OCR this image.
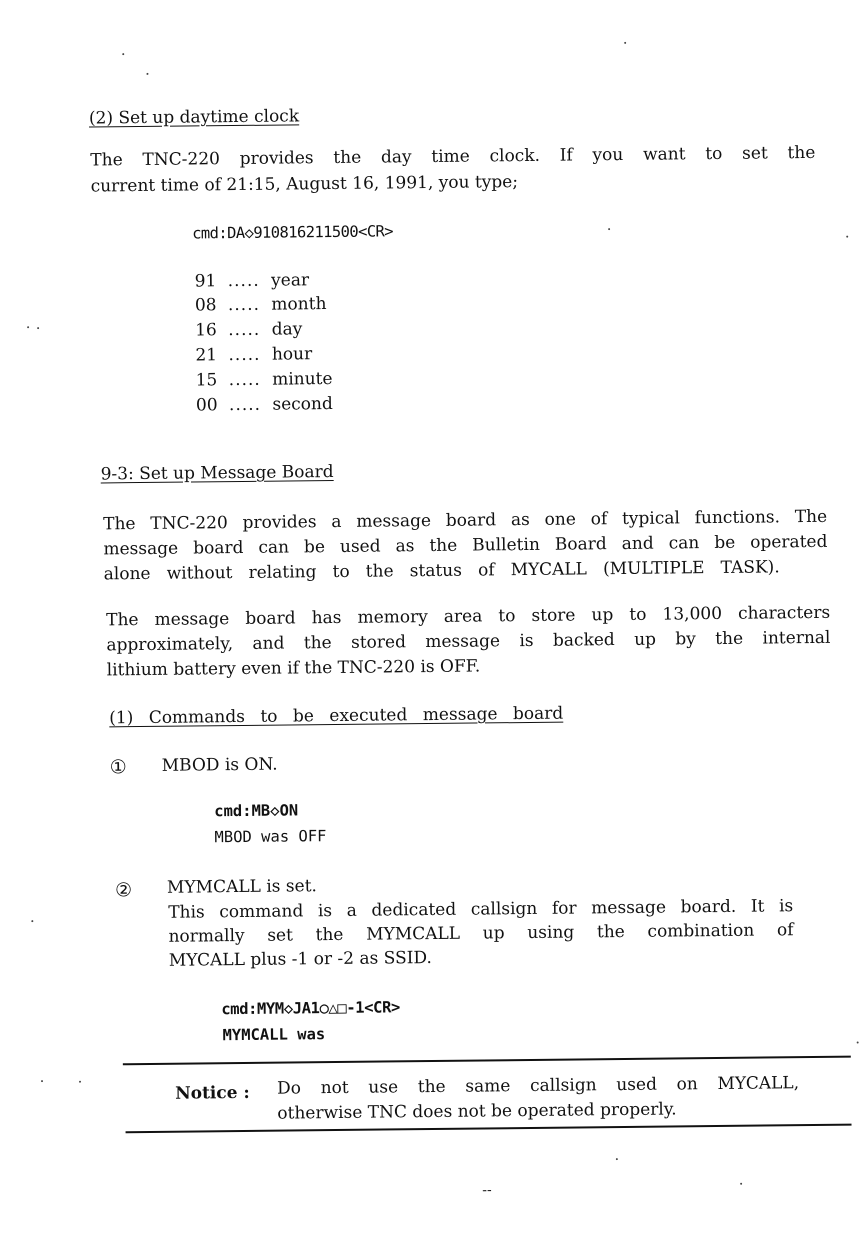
(2) Set up daytime clock
The TNC-220 provides the day time clock. If you want to set the
current time of 21:15, August 16, 1991, you type;
cmd:DA◇910816211500<CR>
91 ..... year
08 ..... month
16 ..... day
21 ..... hour
15 ..... minute
00 ..... second
9-3: Set up Message Board
The TNC-220 provides a message board as one of typical functions. The
message board can be used as the Bulletin Board and can be operated
alone without relating to the status of MYCALL (MULTIPLE TASK).
The message board has memory area to store up to 13,000 characters
approximately, and the stored message is backed up by the internal
lithium battery even if the TNC-220 is OFF.
(1) Commands to be executed message board
① MBOD is ON.
cmd:MB◇ON
MBOD was OFF
② MYMCALL is set.
This command is a dedicated callsign for message board. It is
normally set the MYMCALL up using the combination of
MYCALL plus -1 or -2 as SSID.
cmd:MYM◇JA1○△□-1<CR>
MYMCALL was
Notice : Do not use the same callsign used on MYCALL,
otherwise TNC does not be operated properly.
--
